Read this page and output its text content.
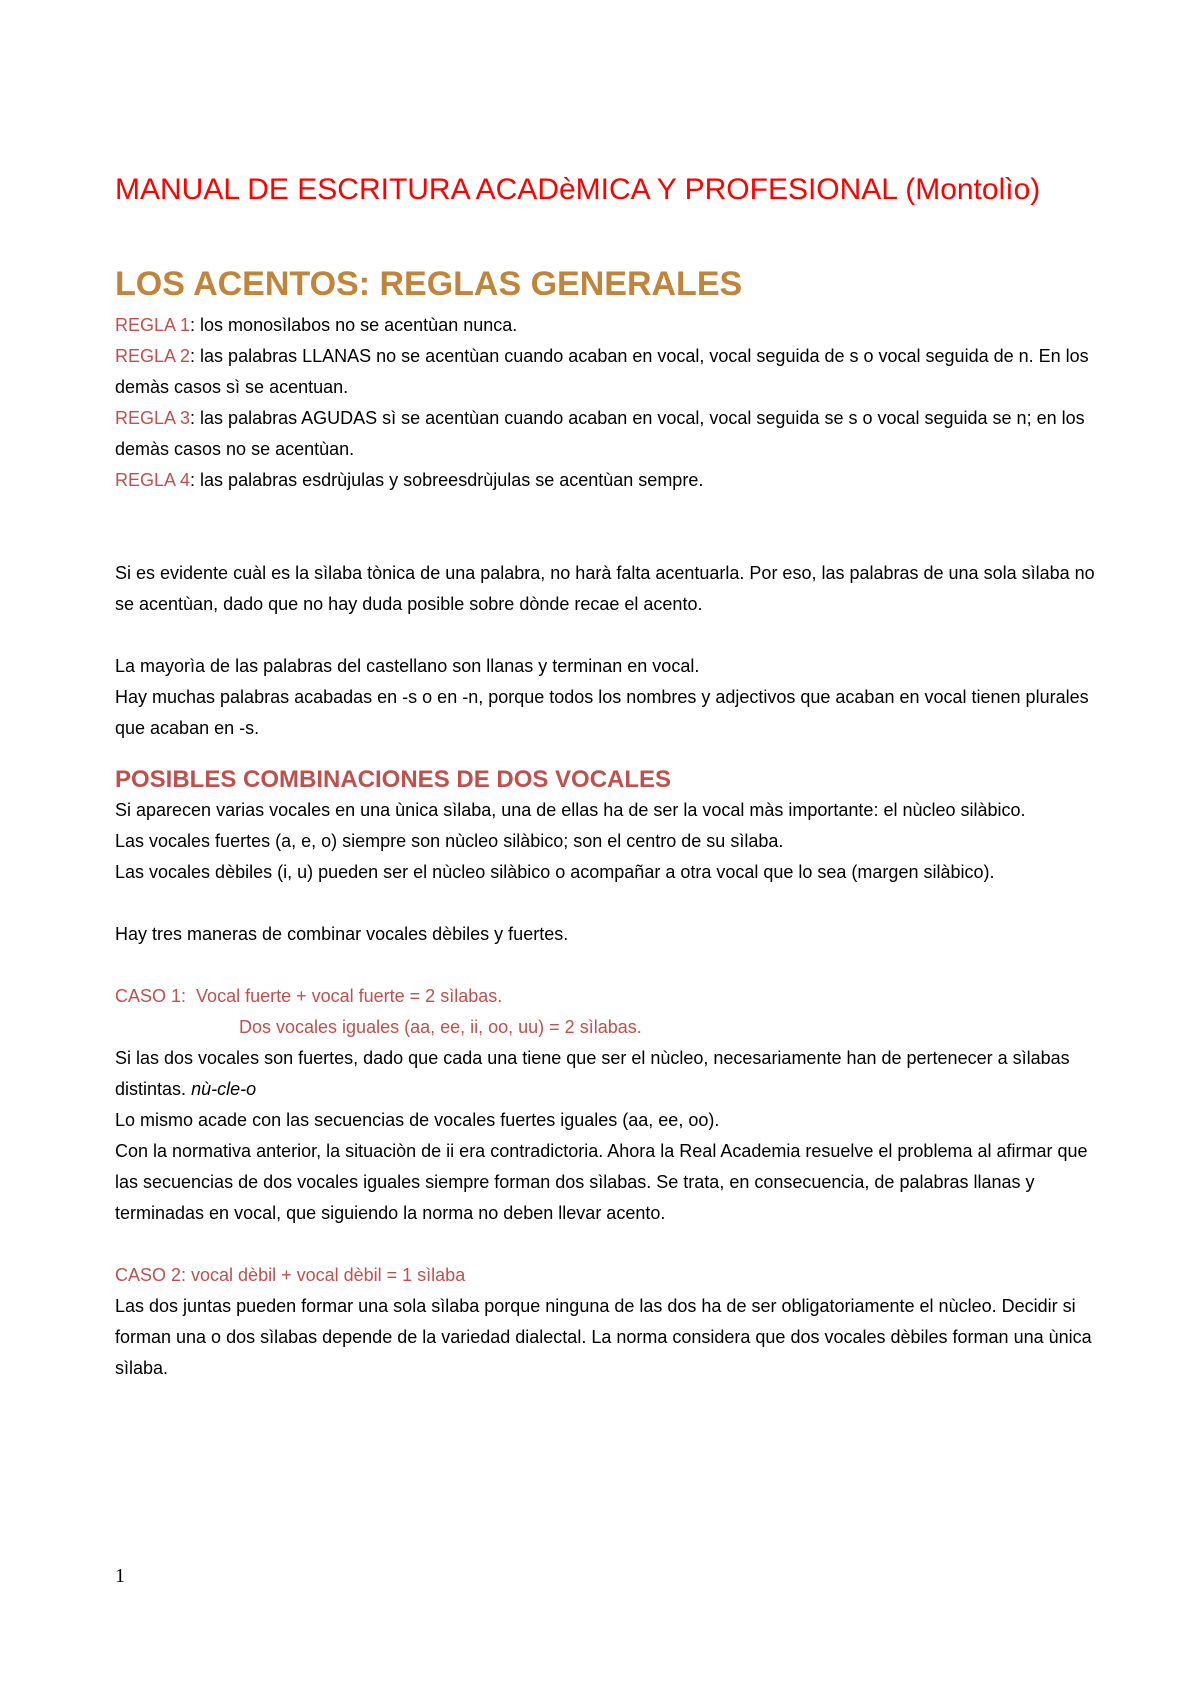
MANUAL DE ESCRITURA ACADèMICA Y PROFESIONAL (Montolìo)
LOS ACENTOS: REGLAS GENERALES

REGLA 1: los monosìlabos no se acentùan nunca.

REGLA 2: las palabras LLANAS no se acentùan cuando acaban en vocal, vocal seguida de s o vocal seguida de n. En los demàs casos sì se acentuan.

REGLA 3: las palabras AGUDAS sì se acentùan cuando acaban en vocal, vocal seguida se s o vocal seguida se n; en los demàs casos no se acentùan.

REGLA 4: las palabras esdrùjulas y sobreesdrùjulas se acentùan sempre.

Si es evidente cuàl es la sìlaba tònica de una palabra, no harà falta acentuarla. Por eso, las palabras de una sola sìlaba no se acentùan, dado que no hay duda posible sobre dònde recae el acento.

La mayorìa de las palabras del castellano son llanas y terminan en vocal.

Hay muchas palabras acabadas en -s o en -n, porque todos los nombres y adjectivos que acaban en vocal tienen plurales que acaban en -s.

POSIBLES COMBINACIONES DE DOS VOCALES

Si aparecen varias vocales en una ùnica sìlaba, una de ellas ha de ser la vocal màs importante: el nùcleo silàbico.

Las vocales fuertes (a, e, o) siempre son nùcleo silàbico; son el centro de su sìlaba.

Las vocales dèbiles (i, u) pueden ser el nùcleo silàbico o acompañar a otra vocal que lo sea (margen silàbico).

Hay tres maneras de combinar vocales dèbiles y fuertes.

CASO 1: Vocal fuerte + vocal fuerte = 2 sìlabas.

Dos vocales iguales (aa, ee, ii, oo, uu) = 2 sìlabas.

Si las dos vocales son fuertes, dado que cada una tiene que ser el nùcleo, necesariamente han de pertenecer a sìlabas distintas. nù-cle-o

Lo mismo acade con las secuencias de vocales fuertes iguales (aa, ee, oo).

Con la normativa anterior, la situaciòn de ii era contradictoria. Ahora la Real Academia resuelve el problema al afirmar que las secuencias de dos vocales iguales siempre forman dos sìlabas. Se trata, en consecuencia, de palabras llanas y terminadas en vocal, que siguiendo la norma no deben llevar acento.

CASO 2: vocal dèbil + vocal dèbil = 1 sìlaba

Las dos juntas pueden formar una sola sìlaba porque ninguna de las dos ha de ser obligatoriamente el nùcleo. Decidir si forman una o dos sìlabas depende de la variedad dialectal. La norma considera que dos vocales dèbiles forman una ùnica sìlaba.

1
